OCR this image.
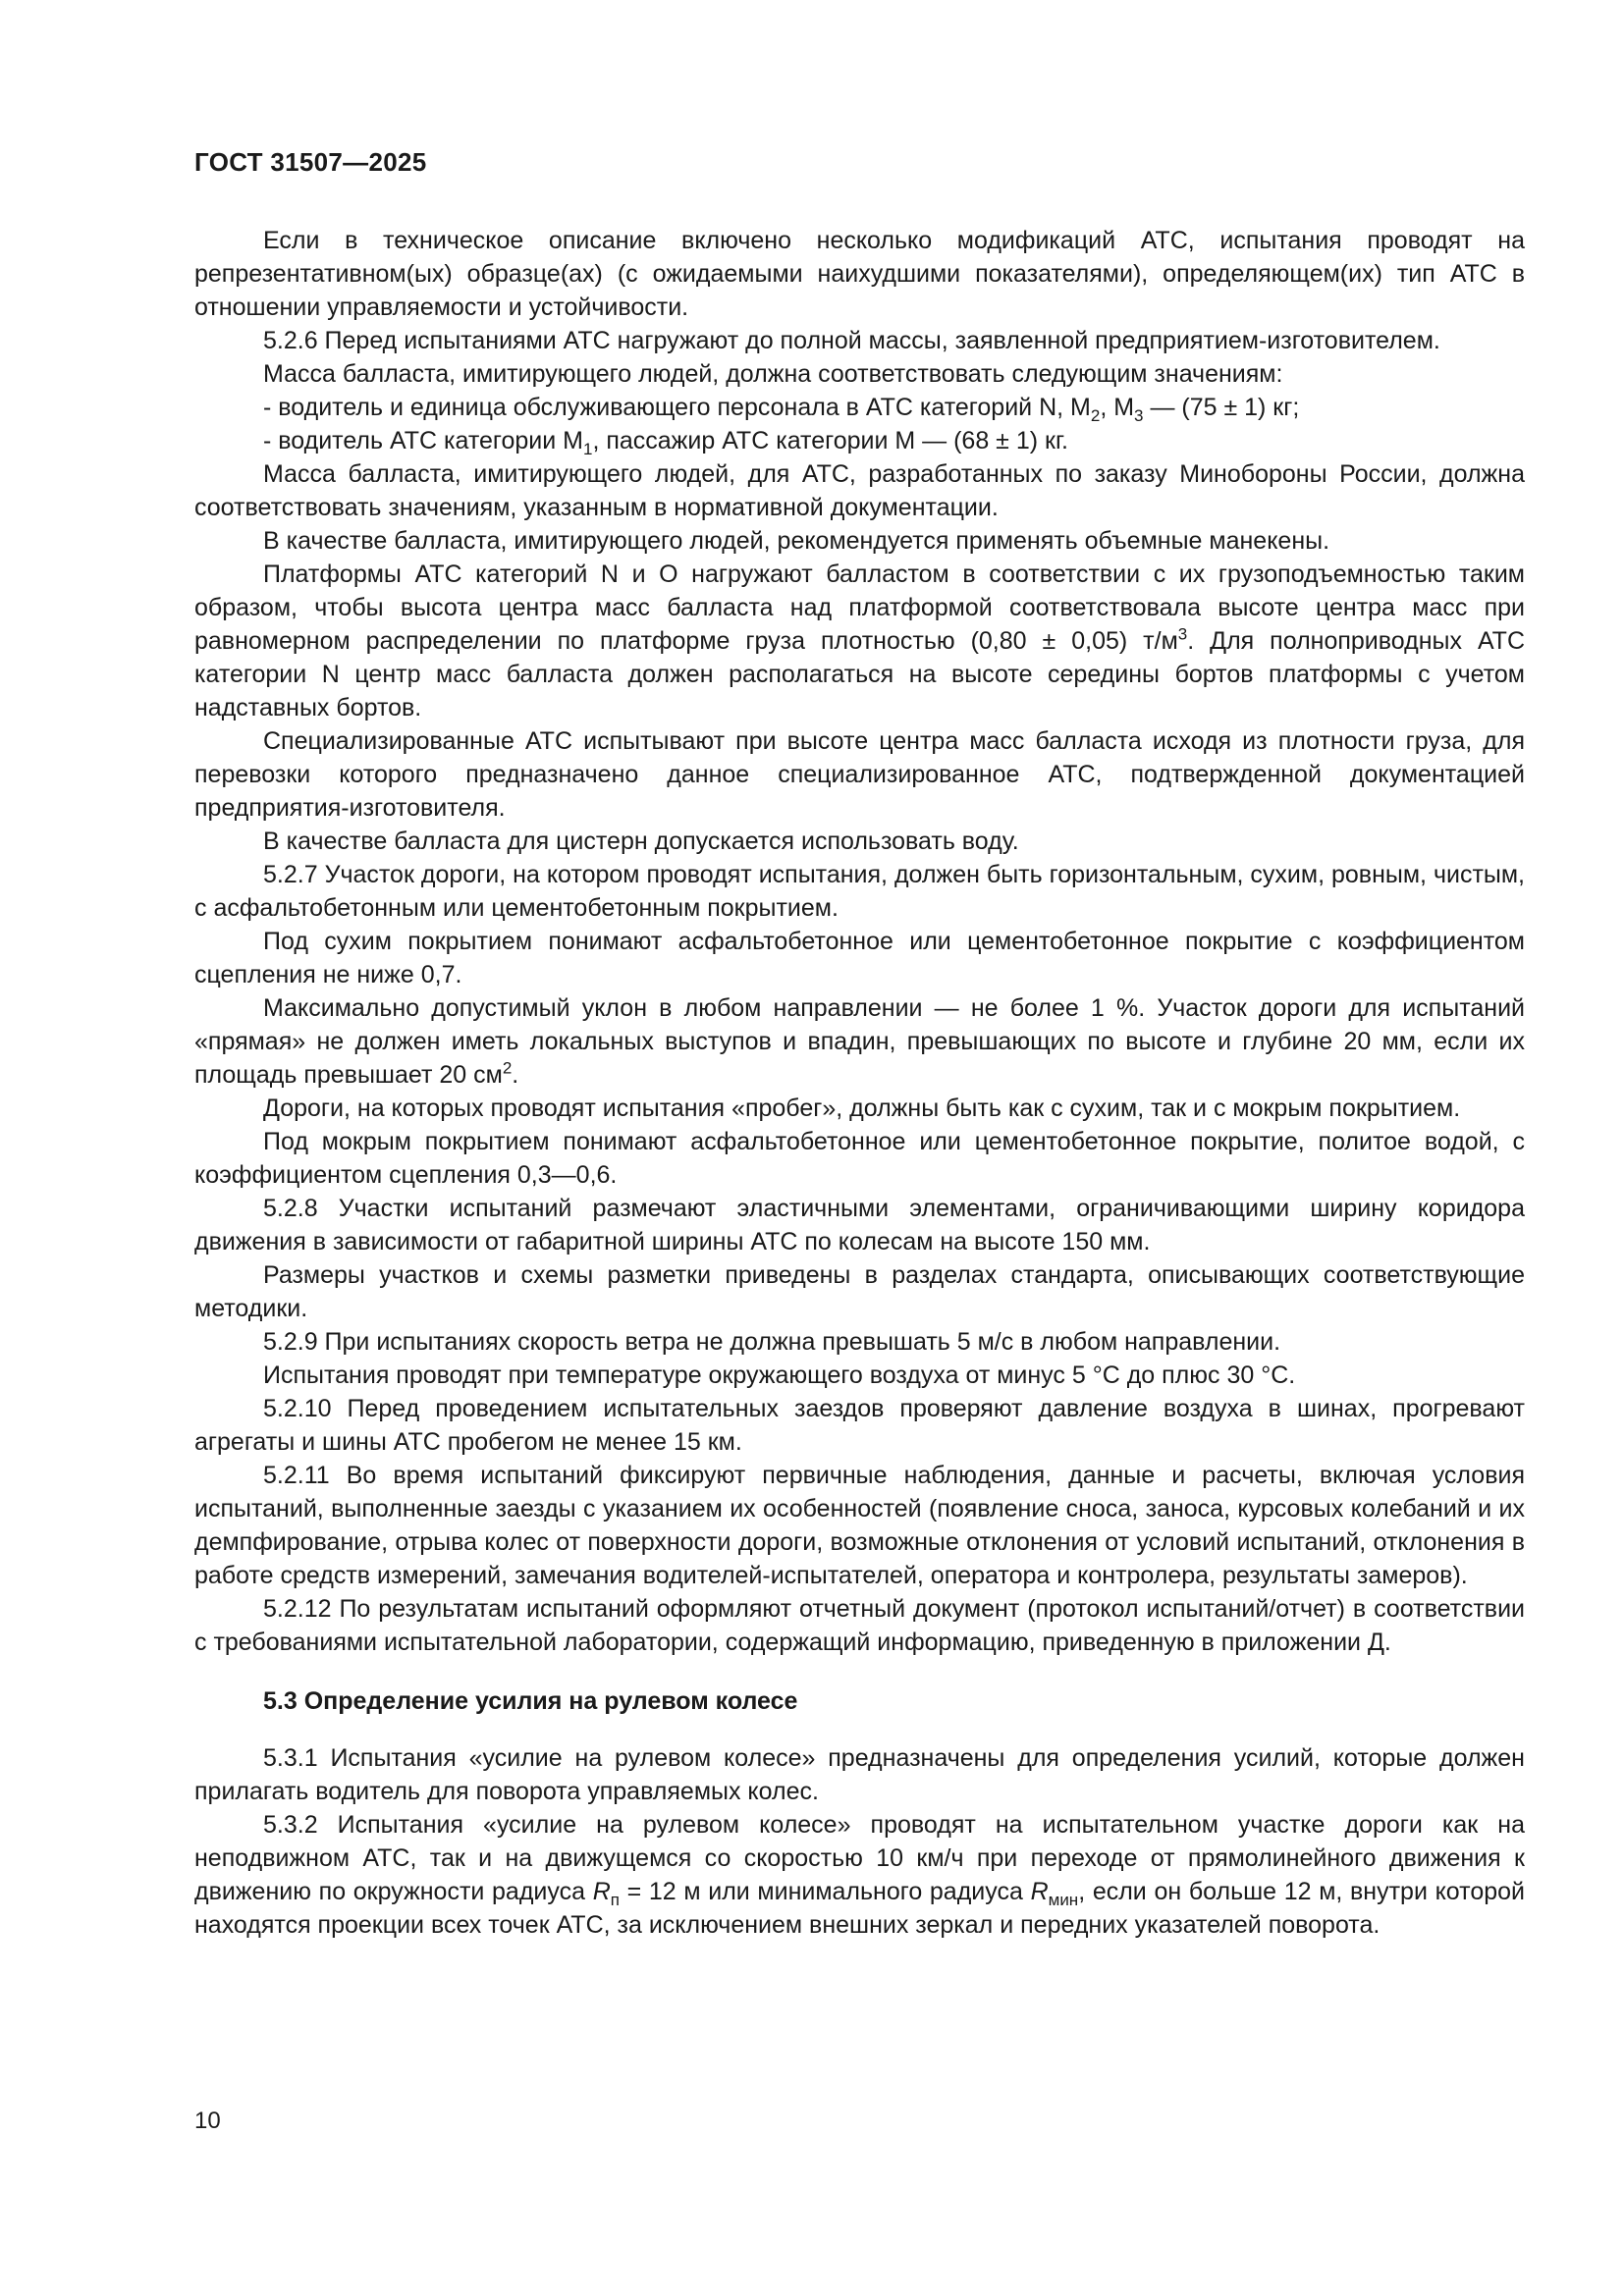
ГОСТ 31507—2025

Если в техническое описание включено несколько модификаций АТС, испытания проводят на репрезентативном(ых) образце(ах) (с ожидаемыми наихудшими показателями), определяющем(их) тип АТС в отношении управляемости и устойчивости.

5.2.6 Перед испытаниями АТС нагружают до полной массы, заявленной предприятием-изготовителем.

Масса балласта, имитирующего людей, должна соответствовать следующим значениям:

- водитель и единица обслуживающего персонала в АТС категорий N, $M_2$, $M_3$ — (75 ± 1) кг;

- водитель АТС категории $M_1$, пассажир АТС категории M — (68 ± 1) кг.

Масса балласта, имитирующего людей, для АТС, разработанных по заказу Минобороны России, должна соответствовать значениям, указанным в нормативной документации.

В качестве балласта, имитирующего людей, рекомендуется применять объемные манекены.

Платформы АТС категорий N и O нагружают балластом в соответствии с их грузоподъемностью таким образом, чтобы высота центра масс балласта над платформой соответствовала высоте центра масс при равномерном распределении по платформе груза плотностью (0,80 ± 0,05) $т/м^3$. Для полноприводных АТС категории N центр масс балласта должен располагаться на высоте середины бортов платформы с учетом надставных бортов.

Специализированные АТС испытывают при высоте центра масс балласта исходя из плотности груза, для перевозки которого предназначено данное специализированное АТС, подтвержденной документацией предприятия-изготовителя.

В качестве балласта для цистерн допускается использовать воду.

5.2.7 Участок дороги, на котором проводят испытания, должен быть горизонтальным, сухим, ровным, чистым, с асфальтобетонным или цементобетонным покрытием.

Под сухим покрытием понимают асфальтобетонное или цементобетонное покрытие с коэффициентом сцепления не ниже 0,7.

Максимально допустимый уклон в любом направлении — не более 1 %. Участок дороги для испытаний «прямая» не должен иметь локальных выступов и впадин, превышающих по высоте и глубине 20 мм, если их площадь превышает 20 $см^2$.

Дороги, на которых проводят испытания «пробег», должны быть как с сухим, так и с мокрым покрытием.

Под мокрым покрытием понимают асфальтобетонное или цементобетонное покрытие, политое водой, с коэффициентом сцепления 0,3—0,6.

5.2.8 Участки испытаний размечают эластичными элементами, ограничивающими ширину коридора движения в зависимости от габаритной ширины АТС по колесам на высоте 150 мм.

Размеры участков и схемы разметки приведены в разделах стандарта, описывающих соответствующие методики.

5.2.9 При испытаниях скорость ветра не должна превышать 5 м/с в любом направлении.

Испытания проводят при температуре окружающего воздуха от минус 5 °С до плюс 30 °С.

5.2.10 Перед проведением испытательных заездов проверяют давление воздуха в шинах, прогревают агрегаты и шины АТС пробегом не менее 15 км.

5.2.11 Во время испытаний фиксируют первичные наблюдения, данные и расчеты, включая условия испытаний, выполненные заезды с указанием их особенностей (появление сноса, заноса, курсовых колебаний и их демпфирование, отрыва колес от поверхности дороги, возможные отклонения от условий испытаний, отклонения в работе средств измерений, замечания водителей-испытателей, оператора и контролера, результаты замеров).

5.2.12 По результатам испытаний оформляют отчетный документ (протокол испытаний/отчет) в соответствии с требованиями испытательной лаборатории, содержащий информацию, приведенную в приложении Д.

5.3 Определение усилия на рулевом колесе

5.3.1 Испытания «усилие на рулевом колесе» предназначены для определения усилий, которые должен прилагать водитель для поворота управляемых колес.

5.3.2 Испытания «усилие на рулевом колесе» проводят на испытательном участке дороги как на неподвижном АТС, так и на движущемся со скоростью 10 км/ч при переходе от прямолинейного движения к движению по окружности радиуса $R_п = 12$ м или минимального радиуса $R_{мин}$, если он больше 12 м, внутри которой находятся проекции всех точек АТС, за исключением внешних зеркал и передних указателей поворота.

10
